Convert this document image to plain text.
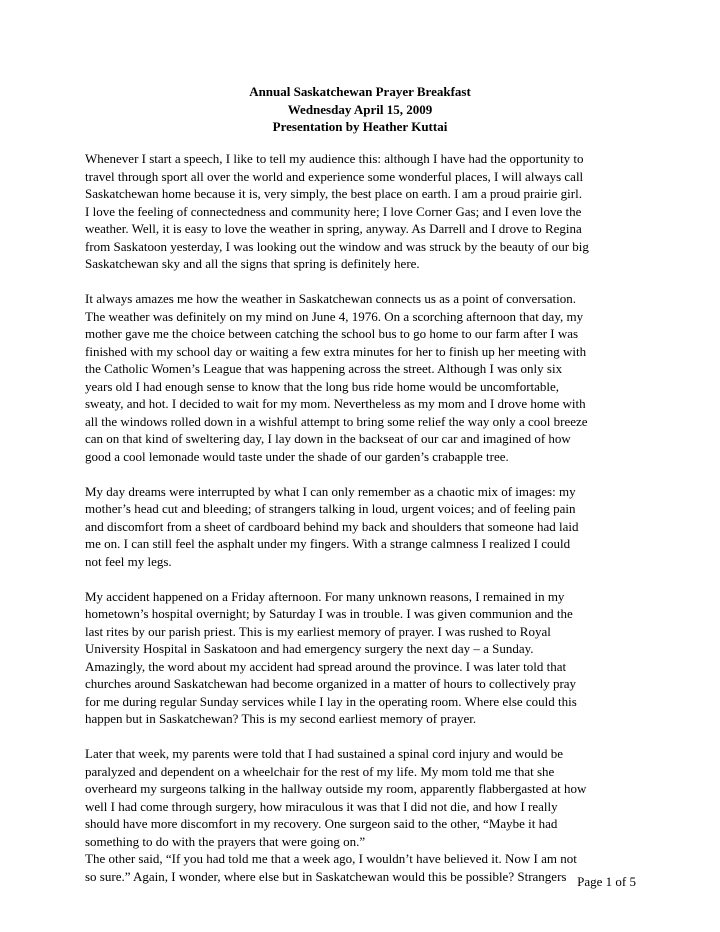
Annual Saskatchewan Prayer Breakfast
Wednesday April 15, 2009
Presentation by Heather Kuttai
Whenever I start a speech, I like to tell my audience this: although I have had the opportunity to
travel through sport all over the world and experience some wonderful places, I will always call
Saskatchewan home because it is, very simply, the best place on earth. I am a proud prairie girl.
I love the feeling of connectedness and community here; I love Corner Gas; and I even love the
weather. Well, it is easy to love the weather in spring, anyway. As Darrell and I drove to Regina
from Saskatoon yesterday, I was looking out the window and was struck by the beauty of our big
Saskatchewan sky and all the signs that spring is definitely here.
It always amazes me how the weather in Saskatchewan connects us as a point of conversation.
The weather was definitely on my mind on June 4, 1976. On a scorching afternoon that day, my
mother gave me the choice between catching the school bus to go home to our farm after I was
finished with my school day or waiting a few extra minutes for her to finish up her meeting with
the Catholic Women’s League that was happening across the street. Although I was only six
years old I had enough sense to know that the long bus ride home would be uncomfortable,
sweaty, and hot. I decided to wait for my mom. Nevertheless as my mom and I drove home with
all the windows rolled down in a wishful attempt to bring some relief the way only a cool breeze
can on that kind of sweltering day, I lay down in the backseat of our car and imagined of how
good a cool lemonade would taste under the shade of our garden’s crabapple tree.
My day dreams were interrupted by what I can only remember as a chaotic mix of images: my
mother’s head cut and bleeding; of strangers talking in loud, urgent voices; and of feeling pain
and discomfort from a sheet of cardboard behind my back and shoulders that someone had laid
me on. I can still feel the asphalt under my fingers. With a strange calmness I realized I could
not feel my legs.
My accident happened on a Friday afternoon. For many unknown reasons, I remained in my
hometown’s hospital overnight; by Saturday I was in trouble. I was given communion and the
last rites by our parish priest. This is my earliest memory of prayer. I was rushed to Royal
University Hospital in Saskatoon and had emergency surgery the next day – a Sunday.
Amazingly, the word about my accident had spread around the province. I was later told that
churches around Saskatchewan had become organized in a matter of hours to collectively pray
for me during regular Sunday services while I lay in the operating room. Where else could this
happen but in Saskatchewan? This is my second earliest memory of prayer.
Later that week, my parents were told that I had sustained a spinal cord injury and would be
paralyzed and dependent on a wheelchair for the rest of my life. My mom told me that she
overheard my surgeons talking in the hallway outside my room, apparently flabbergasted at how
well I had come through surgery, how miraculous it was that I did not die, and how I really
should have more discomfort in my recovery. One surgeon said to the other, “Maybe it had
something to do with the prayers that were going on.”
The other said, “If you had told me that a week ago, I wouldn’t have believed it. Now I am not
so sure.” Again, I wonder, where else but in Saskatchewan would this be possible? Strangers Page 1 of 5
